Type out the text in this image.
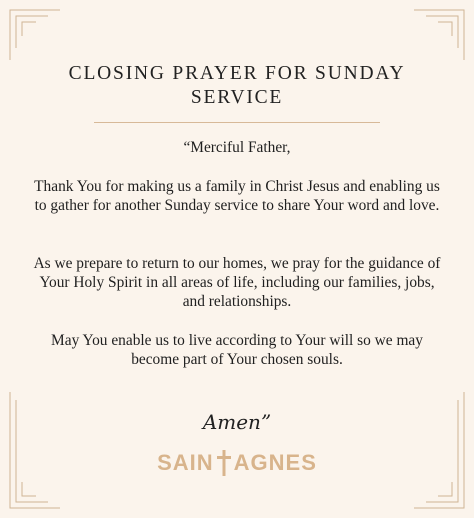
CLOSING PRAYER FOR SUNDAY SERVICE
“Merciful Father,
Thank You for making us a family in Christ Jesus and enabling us to gather for another Sunday service to share Your word and love.
As we prepare to return to our homes, we pray for the guidance of Your Holy Spirit in all areas of life, including our families, jobs, and relationships.
May You enable us to live according to Your will so we may become part of Your chosen souls.
Amen”
SAIN AGNES
